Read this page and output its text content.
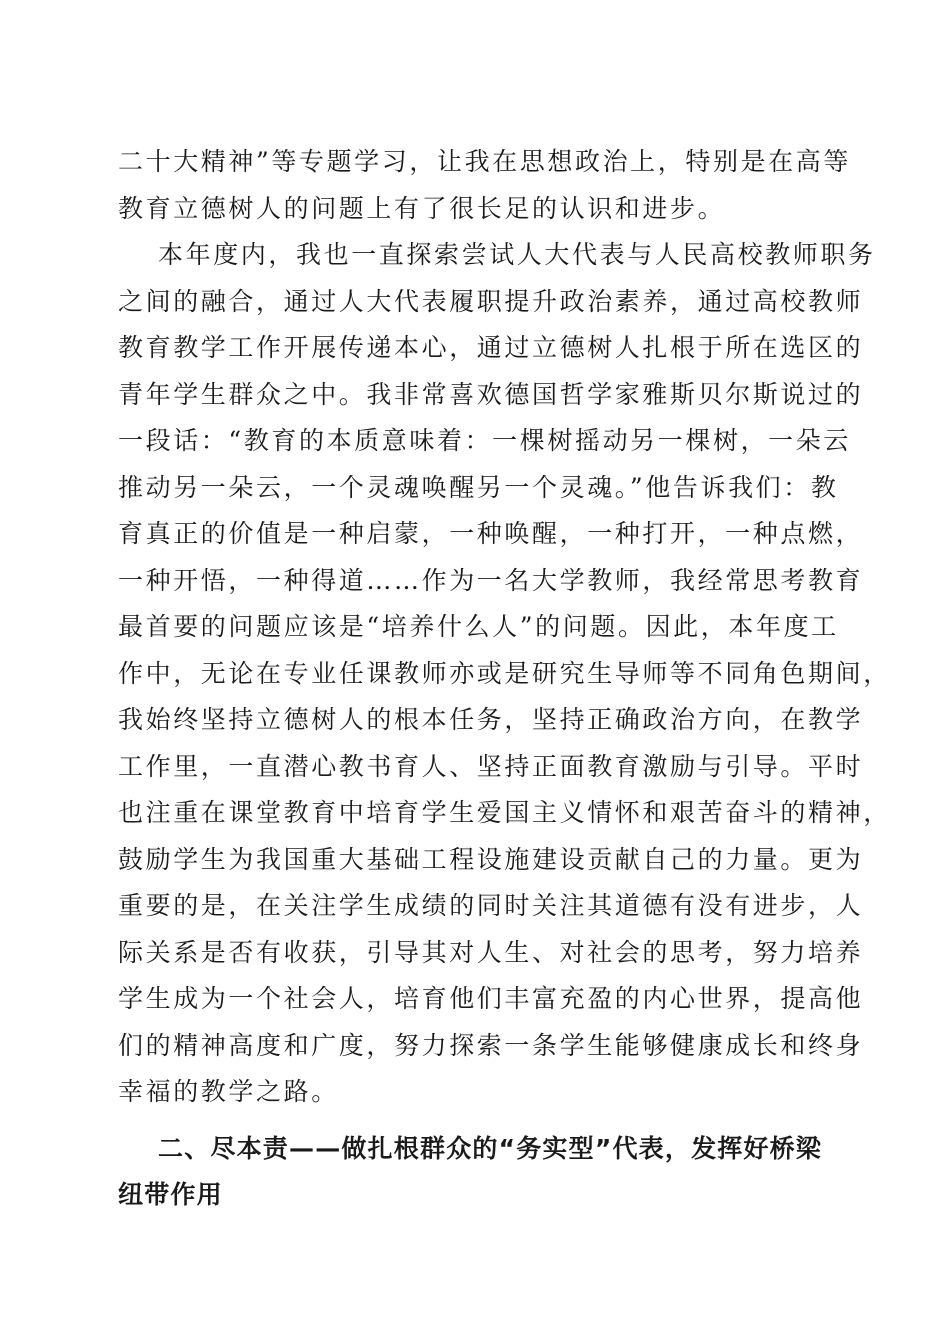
二十大精神”等专题学习，让我在思想政治上，特别是在高等
教育立德树人的问题上有了很长足的认识和进步。
本年度内，我也一直探索尝试人大代表与人民高校教师职务
之间的融合，通过人大代表履职提升政治素养，通过高校教师
教育教学工作开展传递本心，通过立德树人扎根于所在选区的
青年学生群众之中。我非常喜欢德国哲学家雅斯贝尔斯说过的
一段话：“教育的本质意味着：一棵树摇动另一棵树，一朵云
推动另一朵云，一个灵魂唤醒另一个灵魂。”他告诉我们：教
育真正的价值是一种启蒙，一种唤醒，一种打开，一种点燃，
一种开悟，一种得道……作为一名大学教师，我经常思考教育
最首要的问题应该是“培养什么人”的问题。因此，本年度工
作中，无论在专业任课教师亦或是研究生导师等不同角色期间，
我始终坚持立德树人的根本任务，坚持正确政治方向，在教学
工作里，一直潜心教书育人、坚持正面教育激励与引导。平时
也注重在课堂教育中培育学生爱国主义情怀和艰苦奋斗的精神，
鼓励学生为我国重大基础工程设施建设贡献自己的力量。更为
重要的是，在关注学生成绩的同时关注其道德有没有进步，人
际关系是否有收获，引导其对人生、对社会的思考，努力培养
学生成为一个社会人，培育他们丰富充盈的内心世界，提高他
们的精神高度和广度，努力探索一条学生能够健康成长和终身
幸福的教学之路。
二、尽本责——做扎根群众的“务实型”代表，发挥好桥梁
纽带作用
